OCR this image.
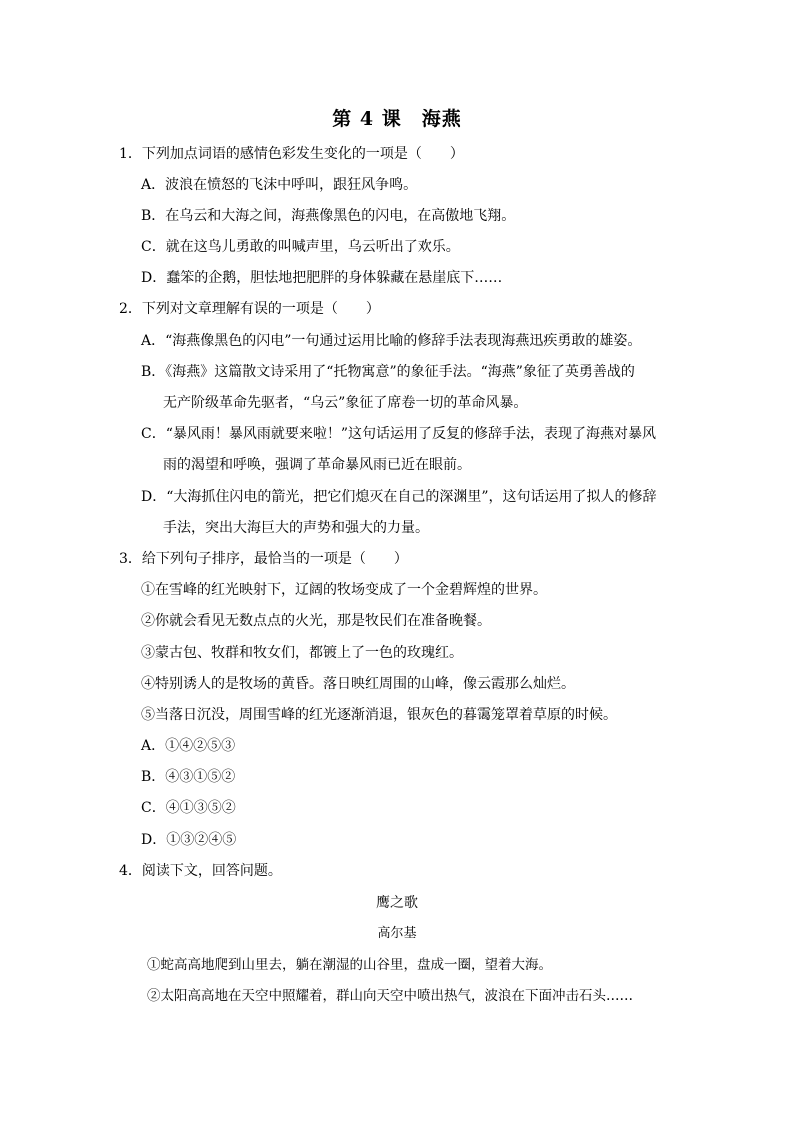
第 4 课　海燕
1．下列加点词语的感情色彩发生变化的一项是（　　）
A．波浪在愤怒的飞沫中呼叫，跟狂风争鸣。
B．在乌云和大海之间，海燕像黑色的闪电，在高傲地飞翔。
C．就在这鸟儿勇敢的叫喊声里，乌云听出了欢乐。
D．蠢笨的企鹅，胆怯地把肥胖的身体躲藏在悬崖底下……
2．下列对文章理解有误的一项是（　　）
A．“海燕像黑色的闪电”一句通过运用比喻的修辞手法表现海燕迅疾勇敢的雄姿。
B．《海燕》这篇散文诗采用了“托物寓意”的象征手法。“海燕”象征了英勇善战的
无产阶级革命先驱者，“乌云”象征了席卷一切的革命风暴。
C．“暴风雨！暴风雨就要来啦！”这句话运用了反复的修辞手法，表现了海燕对暴风
雨的渴望和呼唤，强调了革命暴风雨已近在眼前。
D．“大海抓住闪电的箭光，把它们熄灭在自己的深渊里”，这句话运用了拟人的修辞
手法，突出大海巨大的声势和强大的力量。
3．给下列句子排序，最恰当的一项是（　　）
①在雪峰的红光映射下，辽阔的牧场变成了一个金碧辉煌的世界。
②你就会看见无数点点的火光，那是牧民们在准备晚餐。
③蒙古包、牧群和牧女们，都镀上了一色的玫瑰红。
④特别诱人的是牧场的黄昏。落日映红周围的山峰，像云霞那么灿烂。
⑤当落日沉没，周围雪峰的红光逐渐消退，银灰色的暮霭笼罩着草原的时候。
A．①④②⑤③
B．④③①⑤②
C．④①③⑤②
D．①③②④⑤
4．阅读下文，回答问题。
鹰之歌
高尔基
①蛇高高地爬到山里去，躺在潮湿的山谷里，盘成一圈，望着大海。
②太阳高高地在天空中照耀着，群山向天空中喷出热气，波浪在下面冲击石头……
